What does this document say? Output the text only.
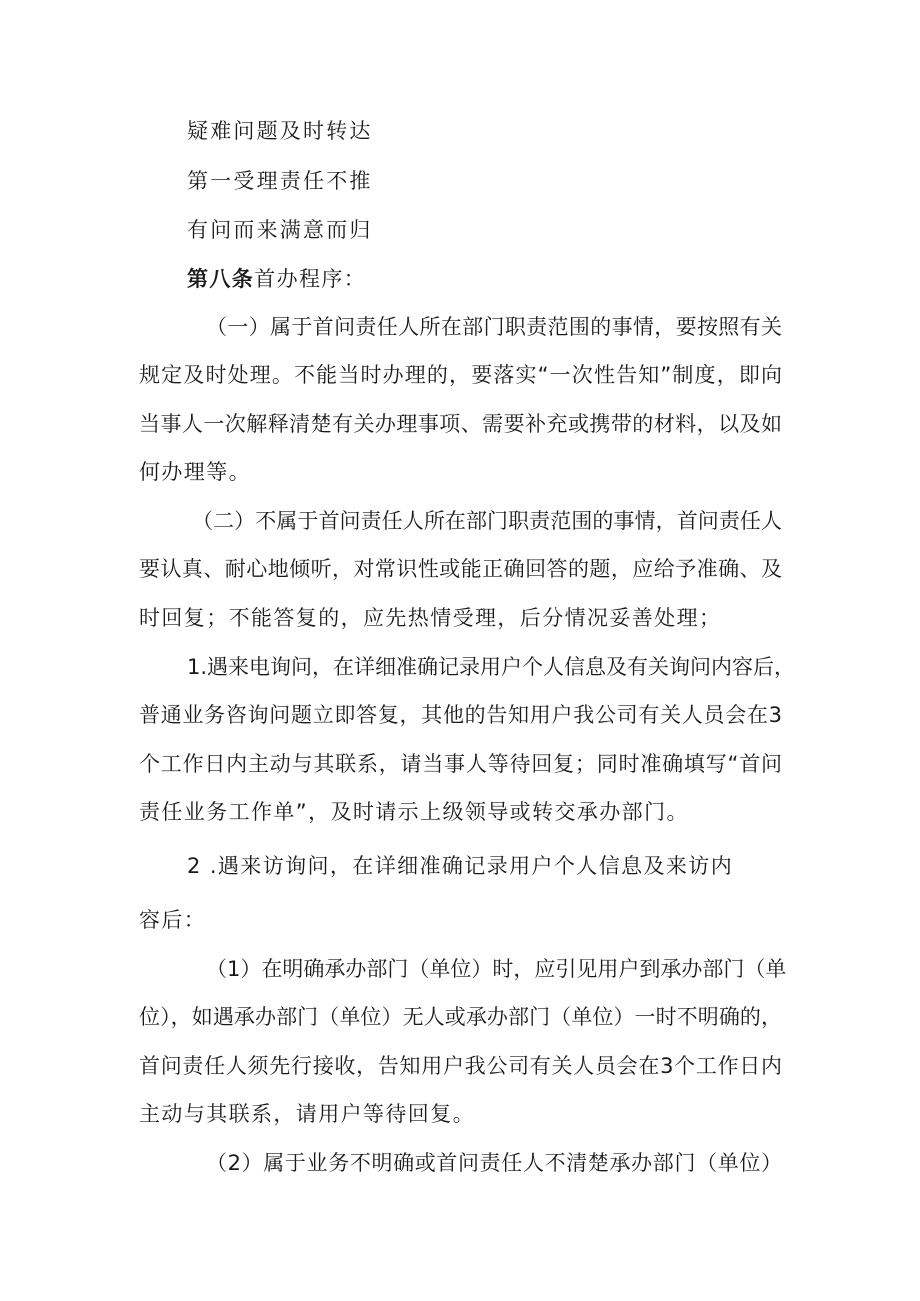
疑难问题及时转达
第一受理责任不推
有问而来满意而归
第八条首办程序：
（一）属于首问责任人所在部门职责范围的事情，要按照有关
规定及时处理。不能当时办理的，要落实“一次性告知”制度，即向
当事人一次解释清楚有关办理事项、需要补充或携带的材料，以及如
何办理等。
（二）不属于首问责任人所在部门职责范围的事情，首问责任人
要认真、耐心地倾听，对常识性或能正确回答的题，应给予准确、及
时回复；不能答复的，应先热情受理，后分情况妥善处理；
1.遇来电询问，在详细准确记录用户个人信息及有关询问内容后，
普通业务咨询问题立即答复，其他的告知用户我公司有关人员会在3
个工作日内主动与其联系，请当事人等待回复；同时准确填写“首问
责任业务工作单”，及时请示上级领导或转交承办部门。
2 .遇来访询问，在详细准确记录用户个人信息及来访内
容后：
（1）在明确承办部门（单位）时，应引见用户到承办部门（单
位），如遇承办部门（单位）无人或承办部门（单位）一时不明确的，
首问责任人须先行接收，告知用户我公司有关人员会在3个工作日内
主动与其联系，请用户等待回复。
（2）属于业务不明确或首问责任人不清楚承办部门（单位）
